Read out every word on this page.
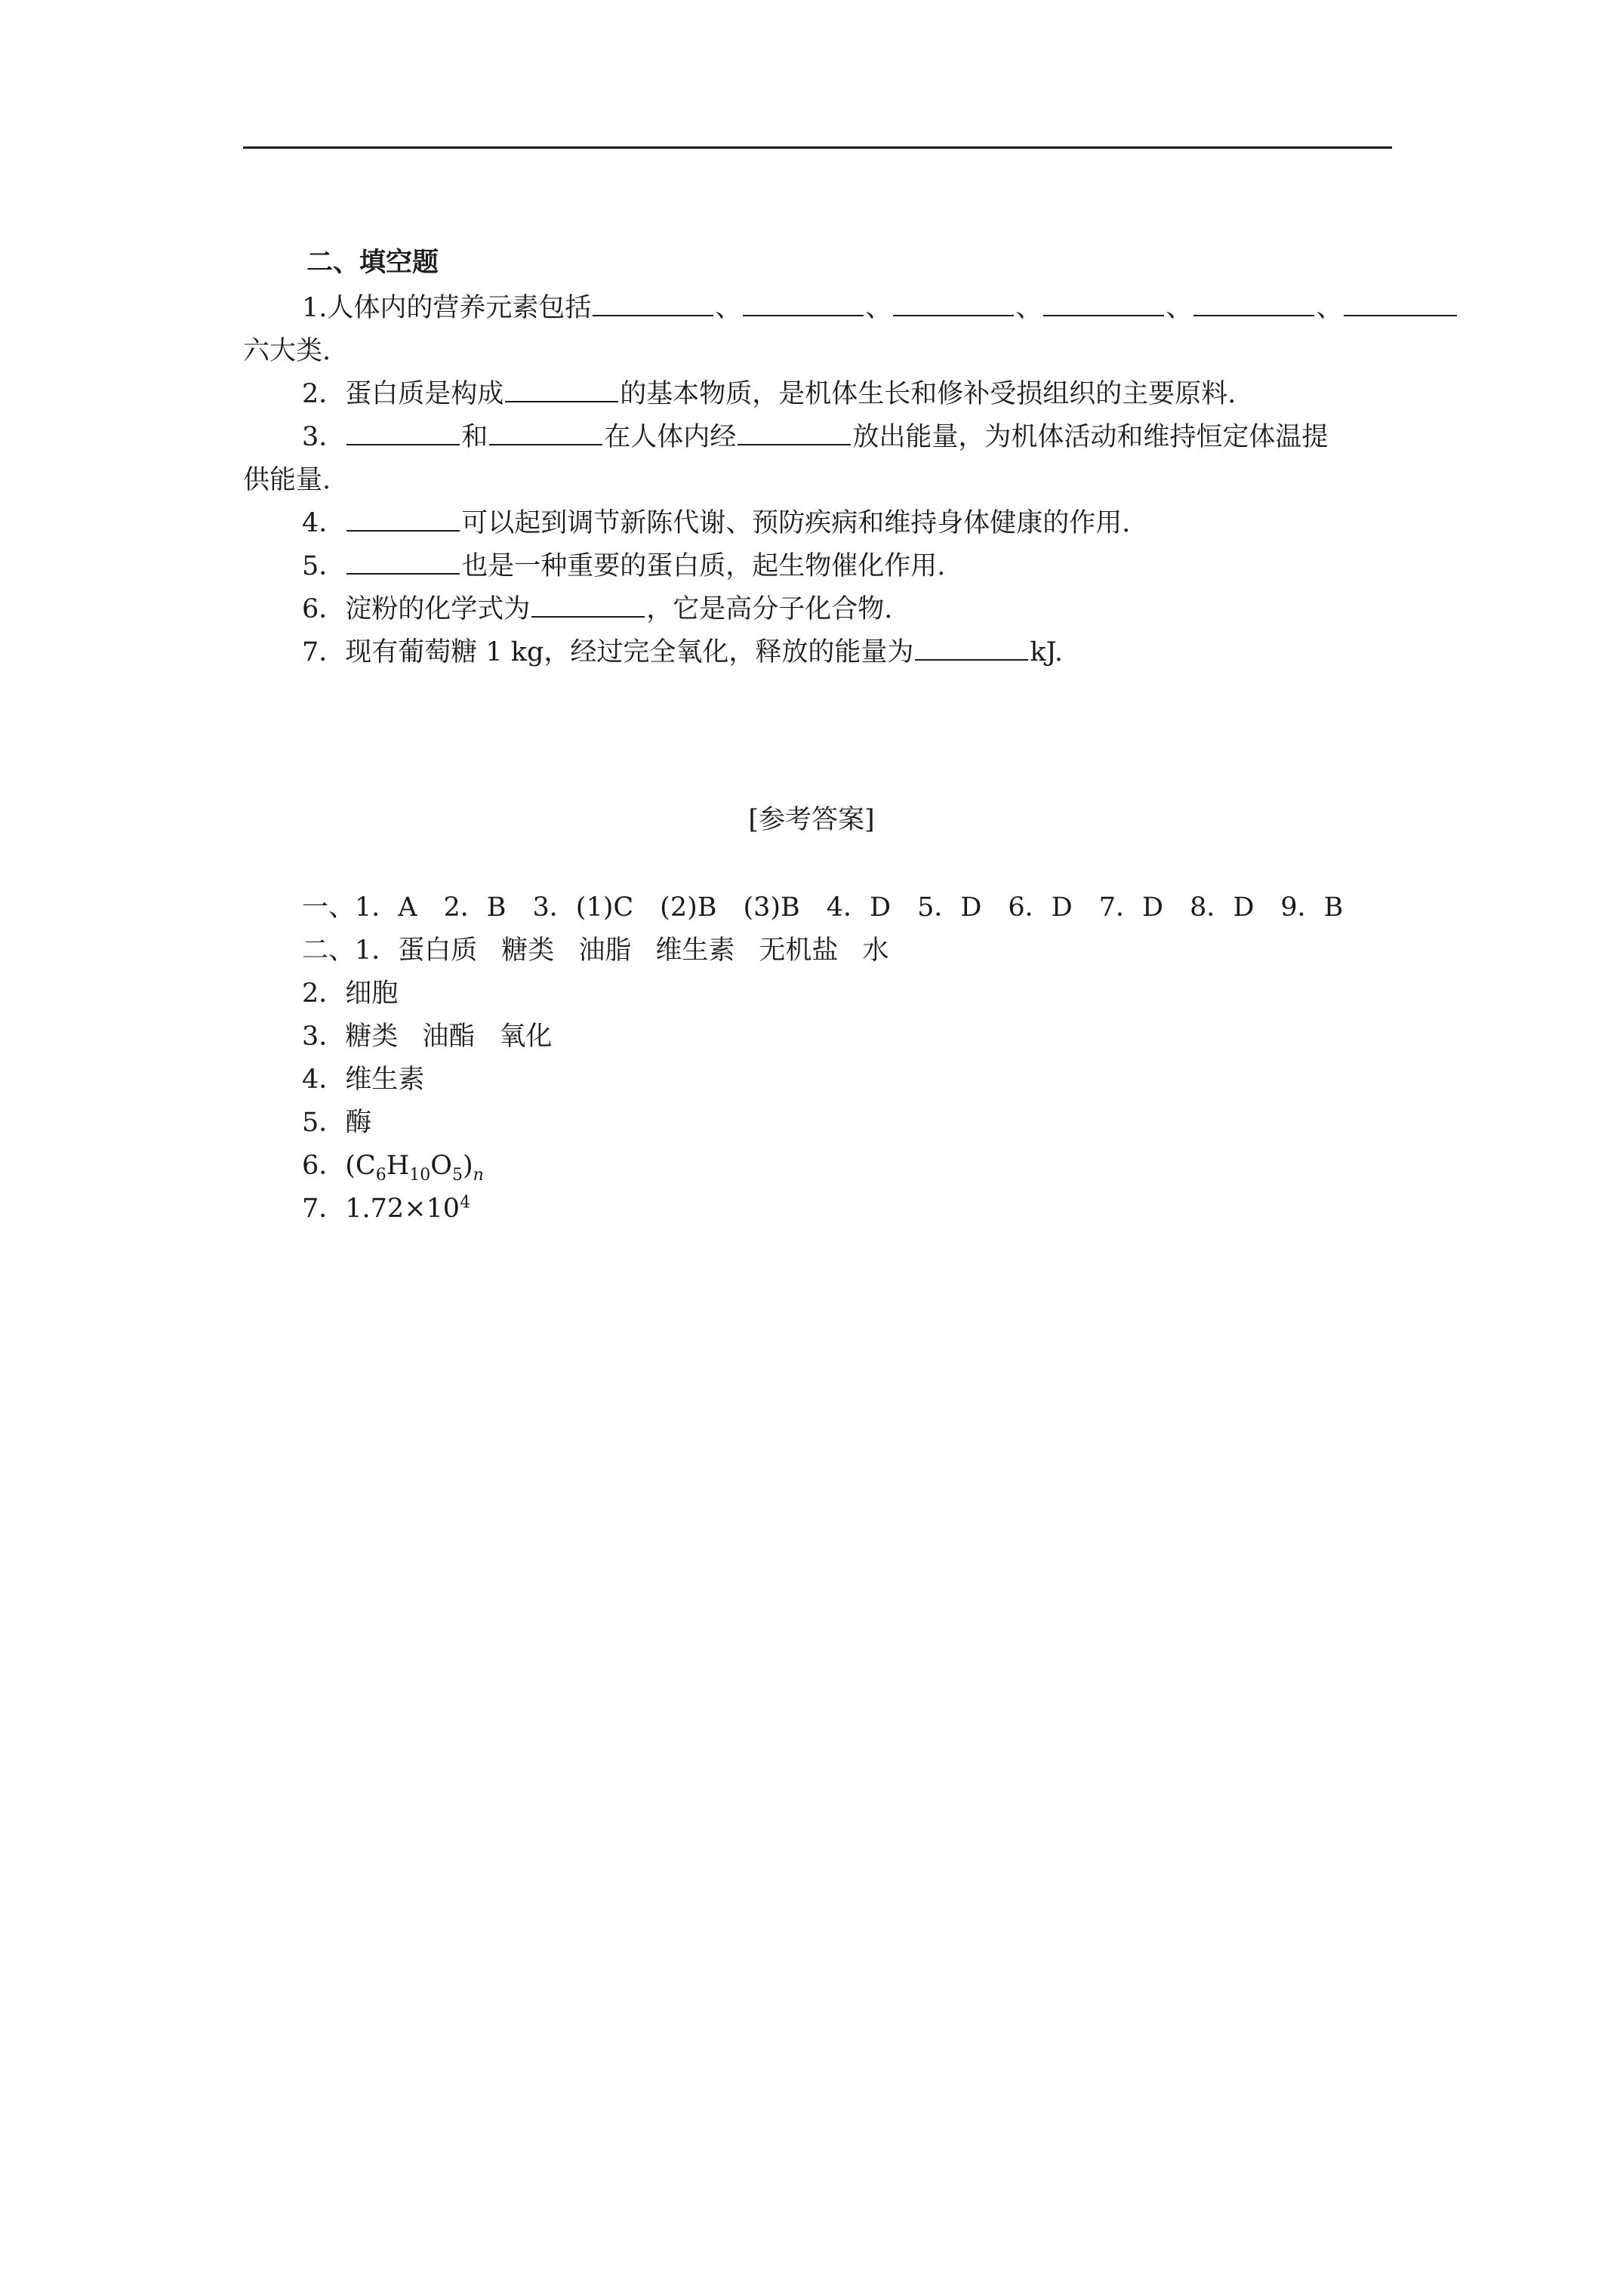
二、填空题
1.人体内的营养元素包括	、	、	、	、	、
六大类.
2．蛋白质是构成	的基本物质，是机体生长和修补受损组织的主要原料.
3．	和	在人体内经	放出能量，为机体活动和维持恒定体温提
供能量.
4．	可以起到调节新陈代谢、预防疾病和维持身体健康的作用.
5．	也是一种重要的蛋白质，起生物催化作用.
6．淀粉的化学式为	，它是高分子化合物.
7．现有葡萄糖 1 kg，经过完全氧化，释放的能量为	kJ.
[参考答案]
一、1．A　2．B　3．(1)C　(2)B　(3)B　4．D　5．D　6．D　7．D　8．D　9．B
二、1．蛋白质 糖类 油脂 维生素 无机盐 水
2．细胞
3．糖类 油酯 氧化
4．维生素
5．酶
6．$(C_6H_{10}O_5)_n$
7．$1.72\times 10^4$
